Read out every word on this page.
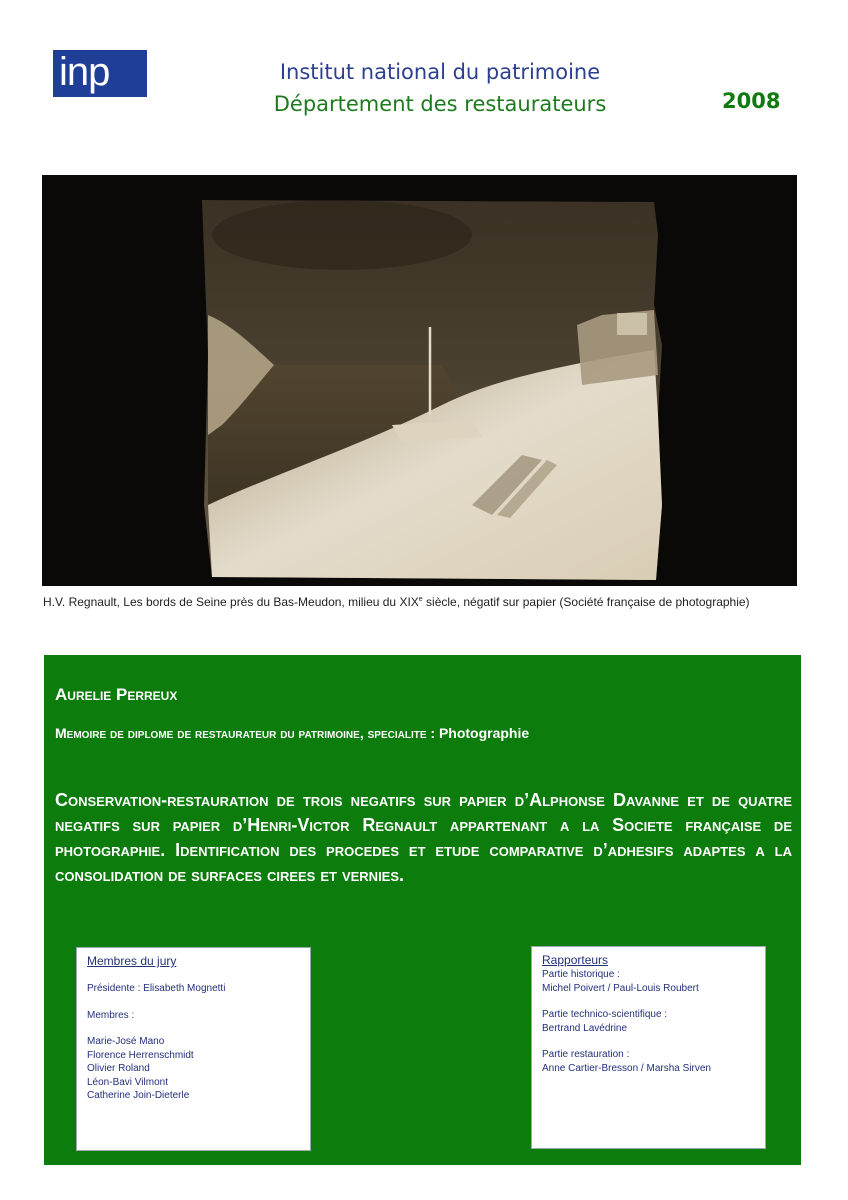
inp	Institut national du patrimoine
Département des restaurateurs	2008
H.V. Regnault, Les bords de Seine près du Bas-Meudon, milieu du XIXe siècle, négatif sur papier (Société française de photographie)
Aurelie Perreux
Memoire de diplome de restaurateur du patrimoine, specialite : Photographie
Conservation-restauration de trois negatifs sur papier d’Alphonse Davanne et de quatre negatifs sur papier d’Henri-Victor Regnault appartenant a la Societe française de photographie. Identification des procedes et etude comparative d’adhesifs adaptes a la consolidation de surfaces cirees et vernies.
Membres du jury
Présidente : Elisabeth Mognetti
Membres :
Marie-José Mano
Florence Herrenschmidt
Olivier Roland
Léon-Bavi Vilmont
Catherine Join-Dieterle
Rapporteurs
Partie historique :
Michel Poivert / Paul-Louis Roubert
Partie technico-scientifique :
Bertrand Lavédrine
Partie restauration :
Anne Cartier-Bresson / Marsha Sirven
